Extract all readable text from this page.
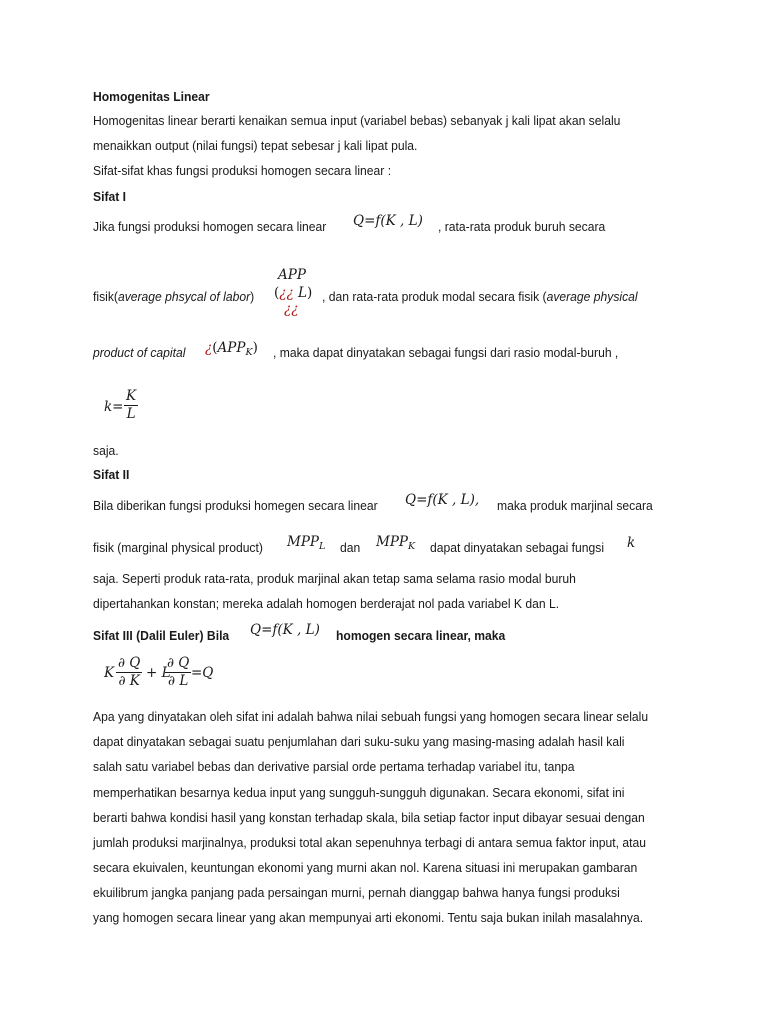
Homogenitas Linear
Homogenitas linear berarti kenaikan semua input (variabel bebas) sebanyak j kali lipat akan selalu
menaikkan output (nilai fungsi) tepat sebesar j kali lipat pula.
Sifat-sifat khas fungsi produksi homogen secara linear :
Sifat I
Jika fungsi produksi homogen secara linear Q=f(K , L) , rata-rata produk buruh secara
APP
(¿¿ L)
¿¿
fisik(average phsycal of labor)	, dan rata-rata produk modal secara fisik (average physical
product of capital ¿$(APP_K)$ , maka dapat dinyatakan sebagai fungsi dari rasio modal-buruh ,
k=
K
L
saja.
Sifat II
Bila diberikan fungsi produksi homegen secara linear Q=f(K , L), maka produk marjinal secara
fisik (marginal physical product) $MPP_L$ dan $MPP_K$ dapat dinyatakan sebagai fungsi k
saja. Seperti produk rata-rata, produk marjinal akan tetap sama selama rasio modal buruh
dipertahankan konstan; mereka adalah homogen berderajat nol pada variabel K dan L.
Sifat III (Dalil Euler) Bila Q=f(K , L) homogen secara linear, maka
K
∂ Q
∂ K + L
∂ Q
∂ L =Q
Apa yang dinyatakan oleh sifat ini adalah bahwa nilai sebuah fungsi yang homogen secara linear selalu
dapat dinyatakan sebagai suatu penjumlahan dari suku-suku yang masing-masing adalah hasil kali
salah satu variabel bebas dan derivative parsial orde pertama terhadap variabel itu, tanpa
memperhatikan besarnya kedua input yang sungguh-sungguh digunakan. Secara ekonomi, sifat ini
berarti bahwa kondisi hasil yang konstan terhadap skala, bila setiap factor input dibayar sesuai dengan
jumlah produksi marjinalnya, produksi total akan sepenuhnya terbagi di antara semua faktor input, atau
secara ekuivalen, keuntungan ekonomi yang murni akan nol. Karena situasi ini merupakan gambaran
ekuilibrum jangka panjang pada persaingan murni, pernah dianggap bahwa hanya fungsi produksi
yang homogen secara linear yang akan mempunyai arti ekonomi. Tentu saja bukan inilah masalahnya.
